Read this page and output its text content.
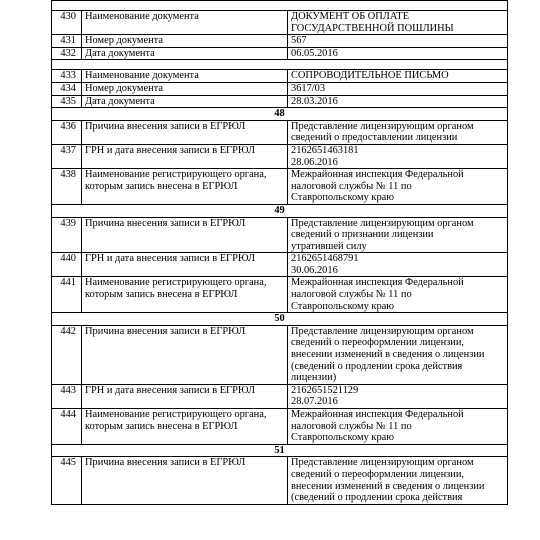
430	Наименование документа	ДОКУМЕНТ ОБ ОПЛАТЕ
ГОСУДАРСТВЕННОЙ ПОШЛИНЫ

431	Номер документа	567

432	Дата документа	06.05.2016

433	Наименование документа	СОПРОВОДИТЕЛЬНОЕ ПИСЬМО

434	Номер документа	3617/03

435	Дата документа	28.03.2016

48		
436	Причина внесения записи в ЕГРЮЛ	Представление лицензирующим органом
сведений о предоставлении лицензии

437	ГРН и дата внесения записи в ЕГРЮЛ	2162651463181
28.06.2016

438	Наименование регистрирующего органа, которым запись внесена в ЕГРЮЛ	Межрайонная инспекция Федеральной
налоговой службы № 11 по
Ставропольскому краю

49		
439	Причина внесения записи в ЕГРЮЛ	Представление лицензирующим органом
сведений о признании лицензии
утратившей силу

440	ГРН и дата внесения записи в ЕГРЮЛ	2162651468791
30.06.2016

441	Наименование регистрирующего органа, которым запись внесена в ЕГРЮЛ	Межрайонная инспекция Федеральной
налоговой службы № 11 по
Ставропольскому краю

50		
442	Причина внесения записи в ЕГРЮЛ	Представление лицензирующим органом
сведений о переоформлении лицензии,
внесении изменений в сведения о лицензии
(сведений о продлении срока действия
лицензии)

443	ГРН и дата внесения записи в ЕГРЮЛ	2162651521129
28.07.2016

444	Наименование регистрирующего органа, которым запись внесена в ЕГРЮЛ	Межрайонная инспекция Федеральной
налоговой службы № 11 по
Ставропольскому краю

51		
445	Причина внесения записи в ЕГРЮЛ	Представление лицензирующим органом
сведений о переоформлении лицензии,
внесении изменений в сведения о лицензии
(сведений о продлении срока действия
